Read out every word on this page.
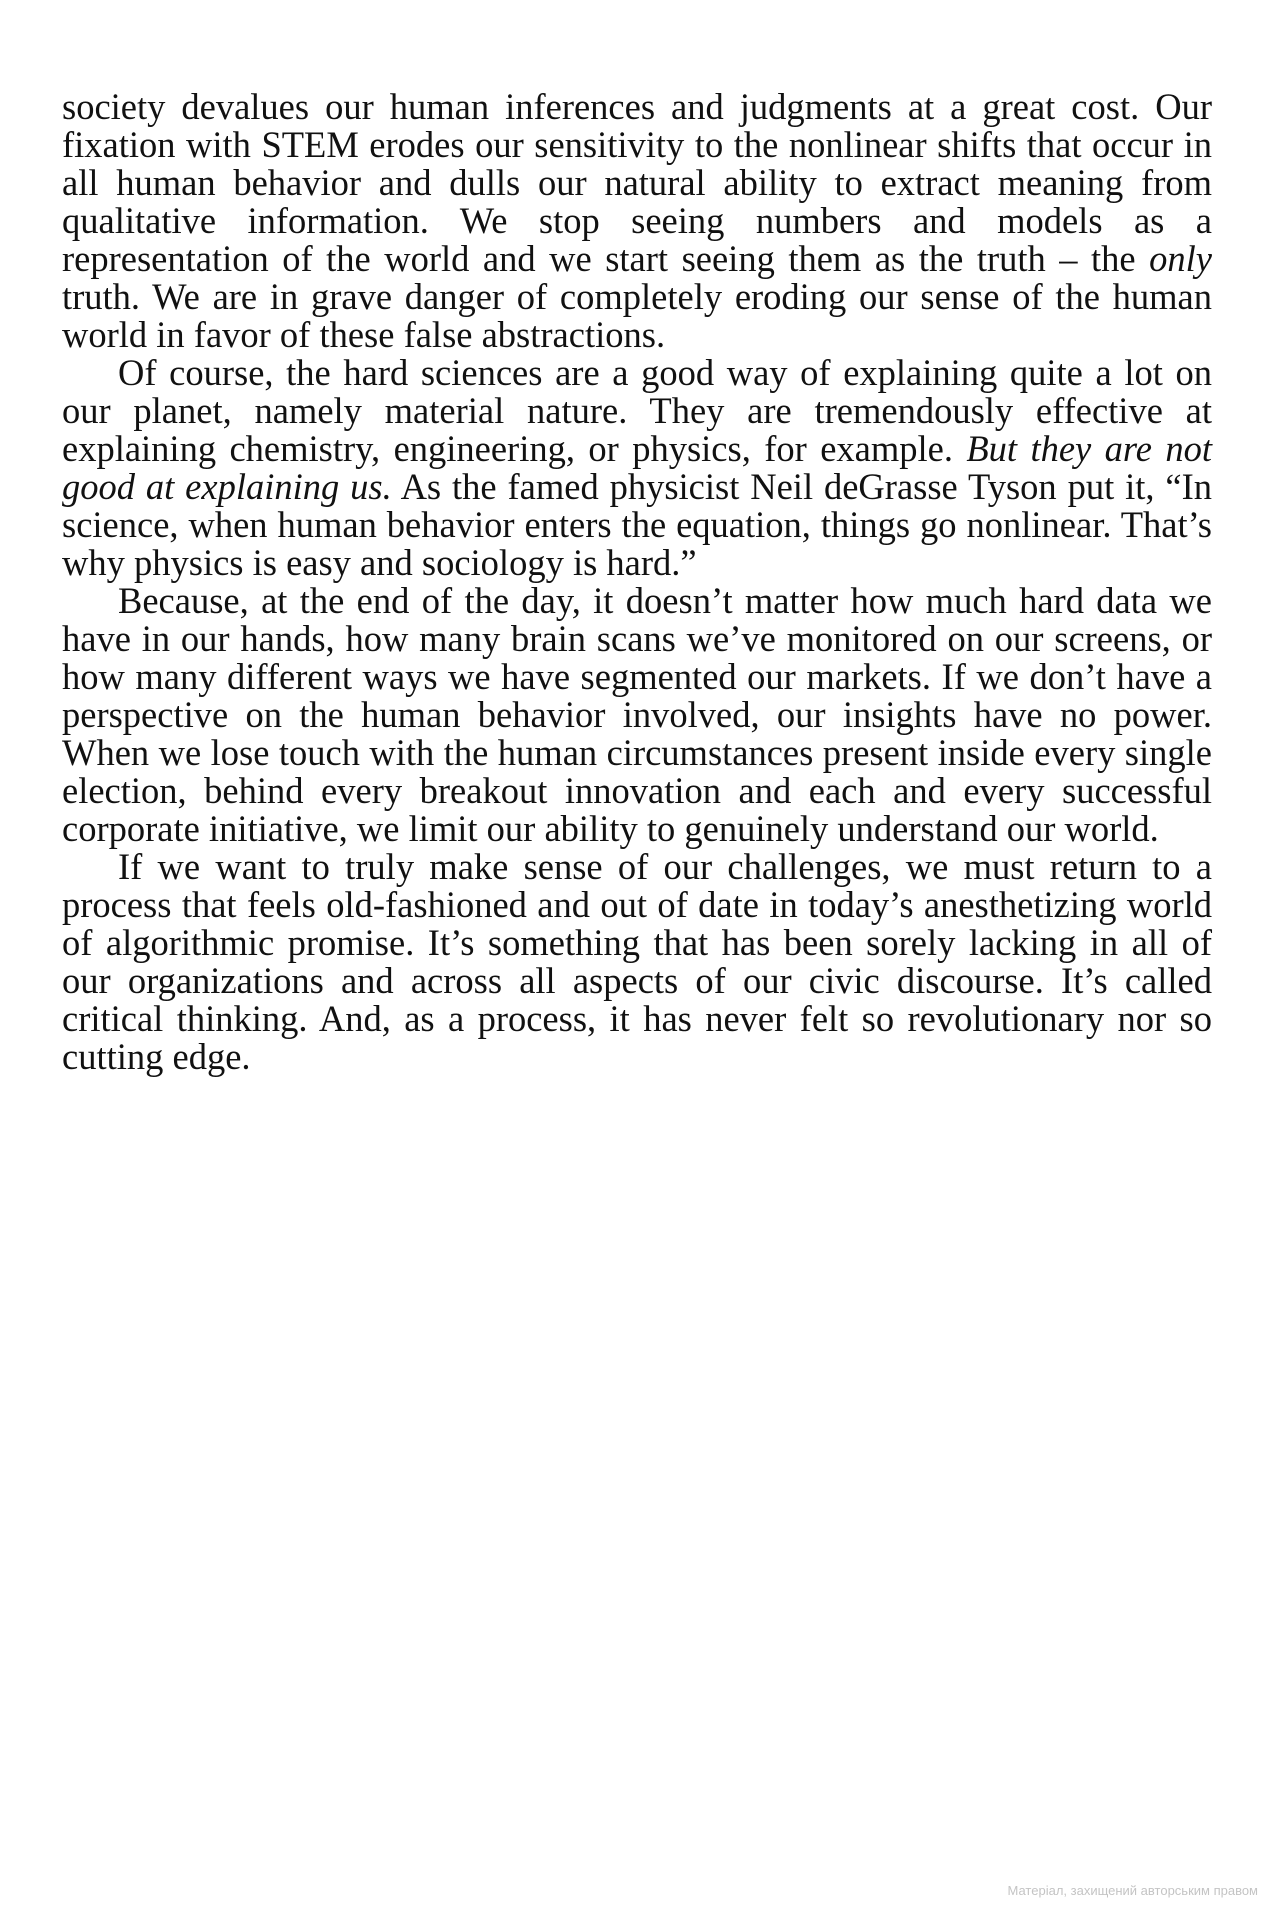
society devalues our human inferences and judgments at a great cost. Our fixation with STEM erodes our sensitivity to the nonlinear shifts that occur in all human behavior and dulls our natural ability to extract meaning from qualitative information. We stop seeing numbers and models as a representation of the world and we start seeing them as the truth – the only truth. We are in grave danger of completely eroding our sense of the human world in favor of these false abstractions.

Of course, the hard sciences are a good way of explaining quite a lot on our planet, namely material nature. They are tremendously effective at explaining chemistry, engineering, or physics, for example. But they are not good at explaining us. As the famed physicist Neil deGrasse Tyson put it, “In science, when human behavior enters the equation, things go nonlinear. That’s why physics is easy and sociology is hard.”

Because, at the end of the day, it doesn’t matter how much hard data we have in our hands, how many brain scans we’ve monitored on our screens, or how many different ways we have segmented our markets. If we don’t have a perspective on the human behavior involved, our insights have no power. When we lose touch with the human circumstances present inside every single election, behind every breakout innovation and each and every successful corporate initiative, we limit our ability to genuinely understand our world.

If we want to truly make sense of our challenges, we must return to a process that feels old-fashioned and out of date in today’s anesthetizing world of algorithmic promise. It’s something that has been sorely lacking in all of our organizations and across all aspects of our civic discourse. It’s called critical thinking. And, as a process, it has never felt so revolutionary nor so cutting edge.

Матеріал, захищений авторським правом
